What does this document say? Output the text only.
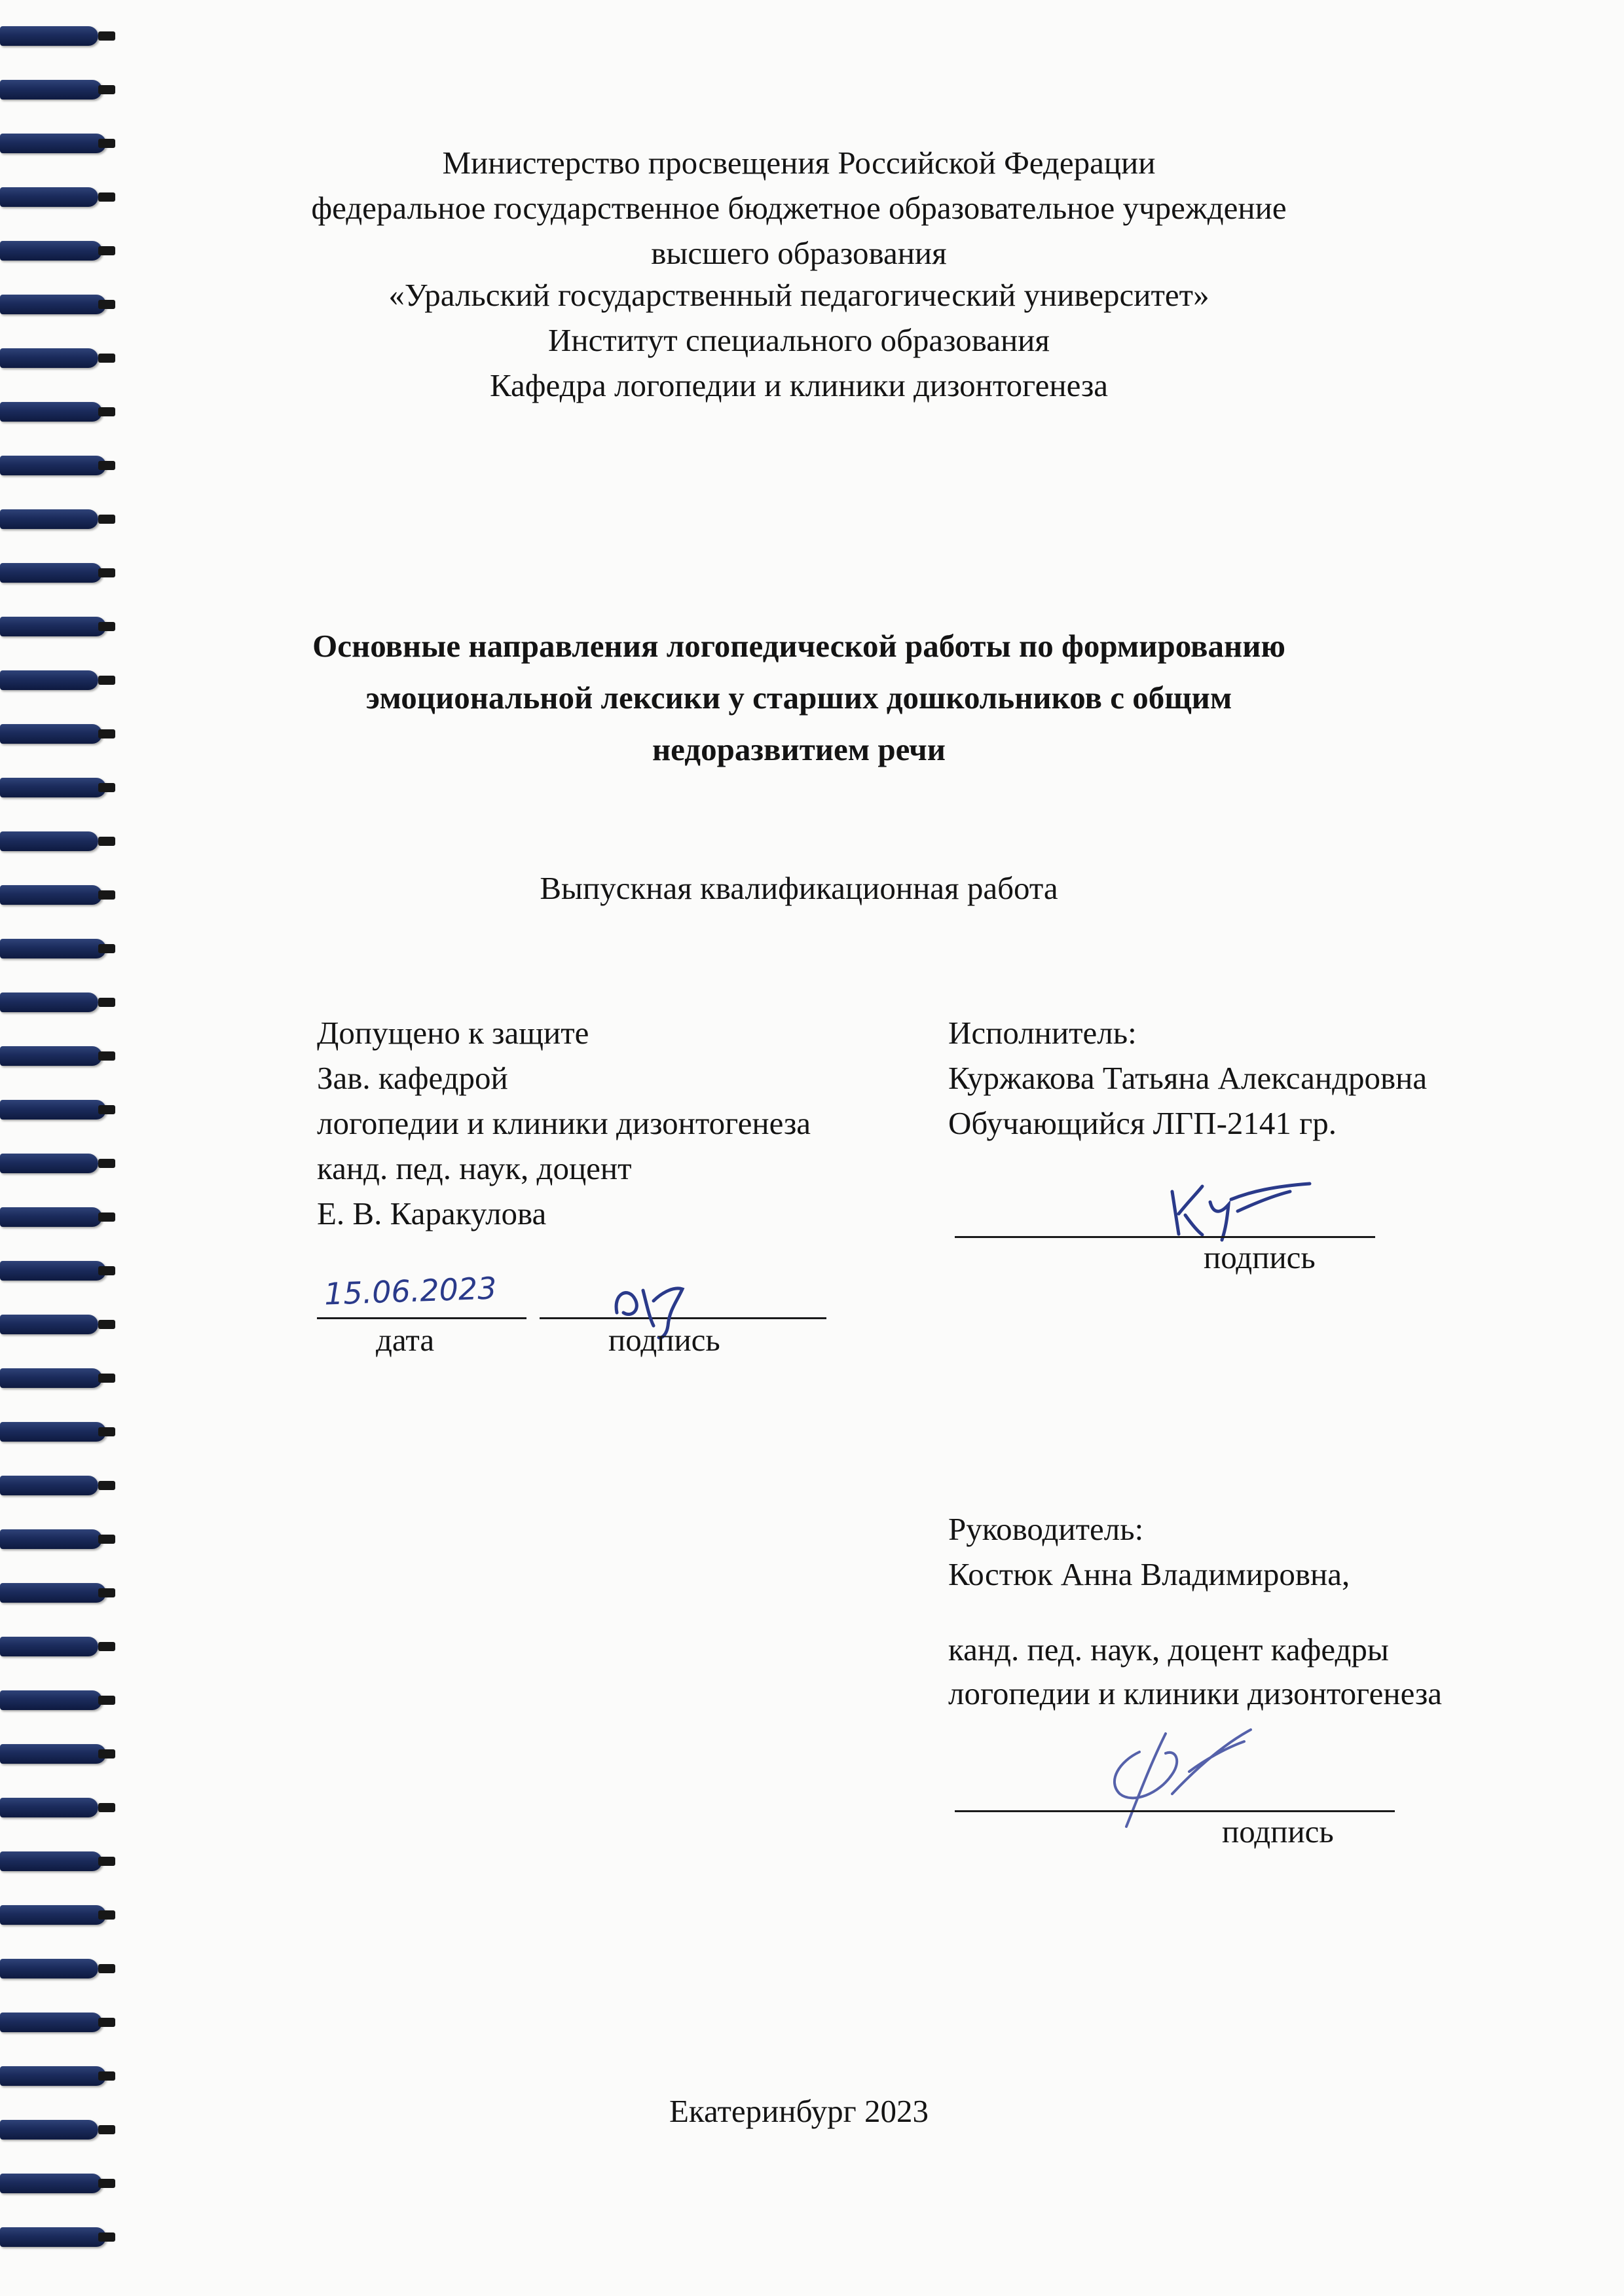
Министерство просвещения Российской Федерации
федеральное государственное бюджетное образовательное учреждение
высшего образования
«Уральский государственный педагогический университет»
Институт специального образования
Кафедра логопедии и клиники дизонтогенеза
Основные направления логопедической работы по формированию
эмоциональной лексики у старших дошкольников с общим
недоразвитием речи
Выпускная квалификационная работа
Допущено к защите
Зав. кафедрой
логопедии и клиники дизонтогенеза
канд. пед. наук, доцент
Е. В. Каракулова
15.06.2023
дата	подпись
Исполнитель:
Куржакова Татьяна Александровна
Обучающийся ЛГП-2141 гр.
подпись
Руководитель:
Костюк Анна Владимировна,
канд. пед. наук, доцент кафедры
логопедии и клиники дизонтогенеза
подпись
Екатеринбург 2023
